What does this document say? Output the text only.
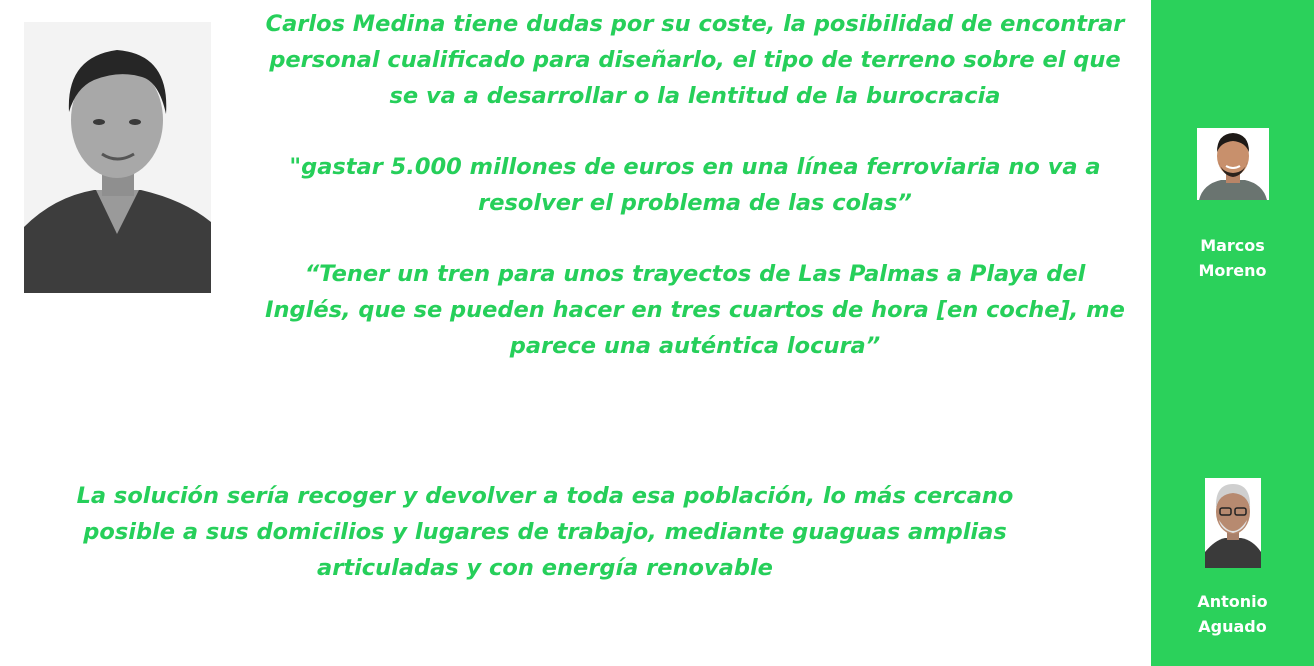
Carlos Medina tiene dudas por su coste, la posibilidad de encontrar personal cualificado para diseñarlo, el tipo de terreno sobre el que se va a desarrollar o la lentitud de la burocracia

"gastar 5.000 millones de euros en una línea ferroviaria no va a resolver el problema de las colas”

“Tener un tren para unos trayectos de Las Palmas a Playa del Inglés, que se pueden hacer en tres cuartos de hora [en coche], me parece una auténtica locura”

La solución sería recoger y devolver a toda esa población, lo más cercano posible a sus domicilios y lugares de trabajo, mediante guaguas amplias articuladas y con energía renovable
Marcos
Moreno
Antonio
Aguado
